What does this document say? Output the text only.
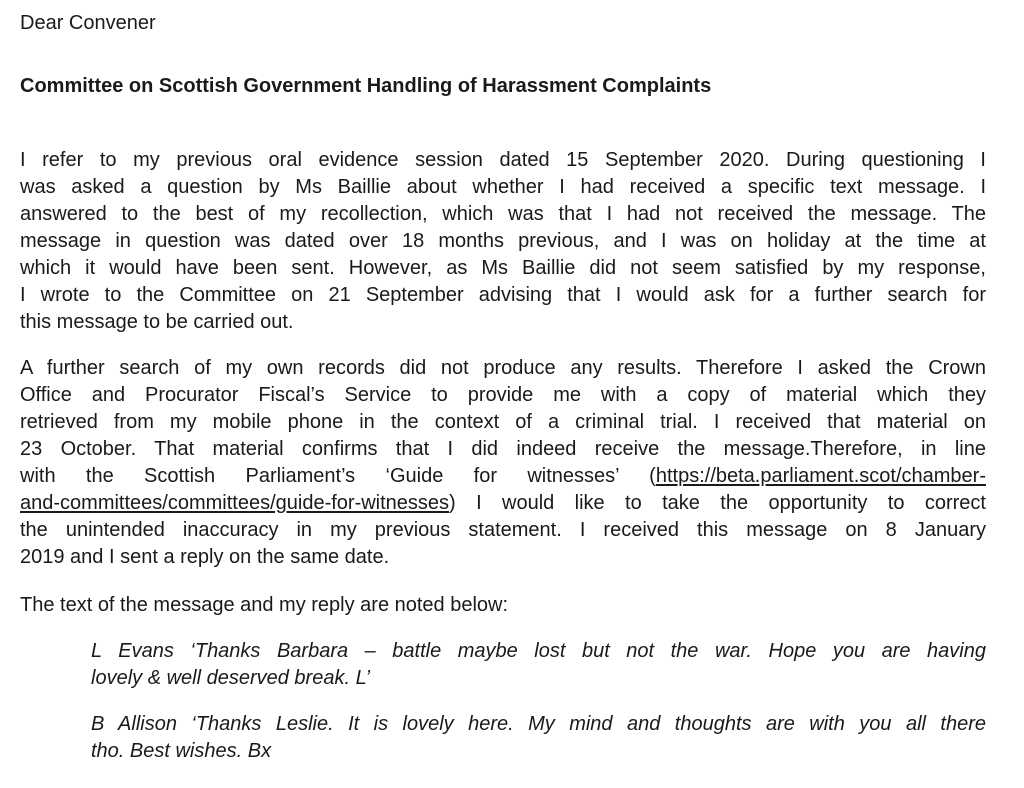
Dear Convener
Committee on Scottish Government Handling of Harassment Complaints
I refer to my previous oral evidence session dated 15 September 2020. During questioning I
was asked a question by Ms Baillie about whether I had received a specific text message. I
answered to the best of my recollection, which was that I had not received the message. The
message in question was dated over 18 months previous, and I was on holiday at the time at
which it would have been sent. However, as Ms Baillie did not seem satisfied by my response,
I wrote to the Committee on 21 September advising that I would ask for a further search for
this message to be carried out.
A further search of my own records did not produce any results. Therefore I asked the Crown
Office and Procurator Fiscal’s Service to provide me with a copy of material which they
retrieved from my mobile phone in the context of a criminal trial. I received that material on
23 October. That material confirms that I did indeed receive the message.Therefore, in line
with the Scottish Parliament’s ‘Guide for witnesses’ (https://beta.parliament.scot/chamber-
and-committees/committees/guide-for-witnesses) I would like to take the opportunity to correct
the unintended inaccuracy in my previous statement. I received this message on 8 January
2019 and I sent a reply on the same date.
The text of the message and my reply are noted below:
L Evans ‘Thanks Barbara – battle maybe lost but not the war. Hope you are having
lovely & well deserved break. L’
B Allison ‘Thanks Leslie. It is lovely here. My mind and thoughts are with you all there
tho. Best wishes. Bx
